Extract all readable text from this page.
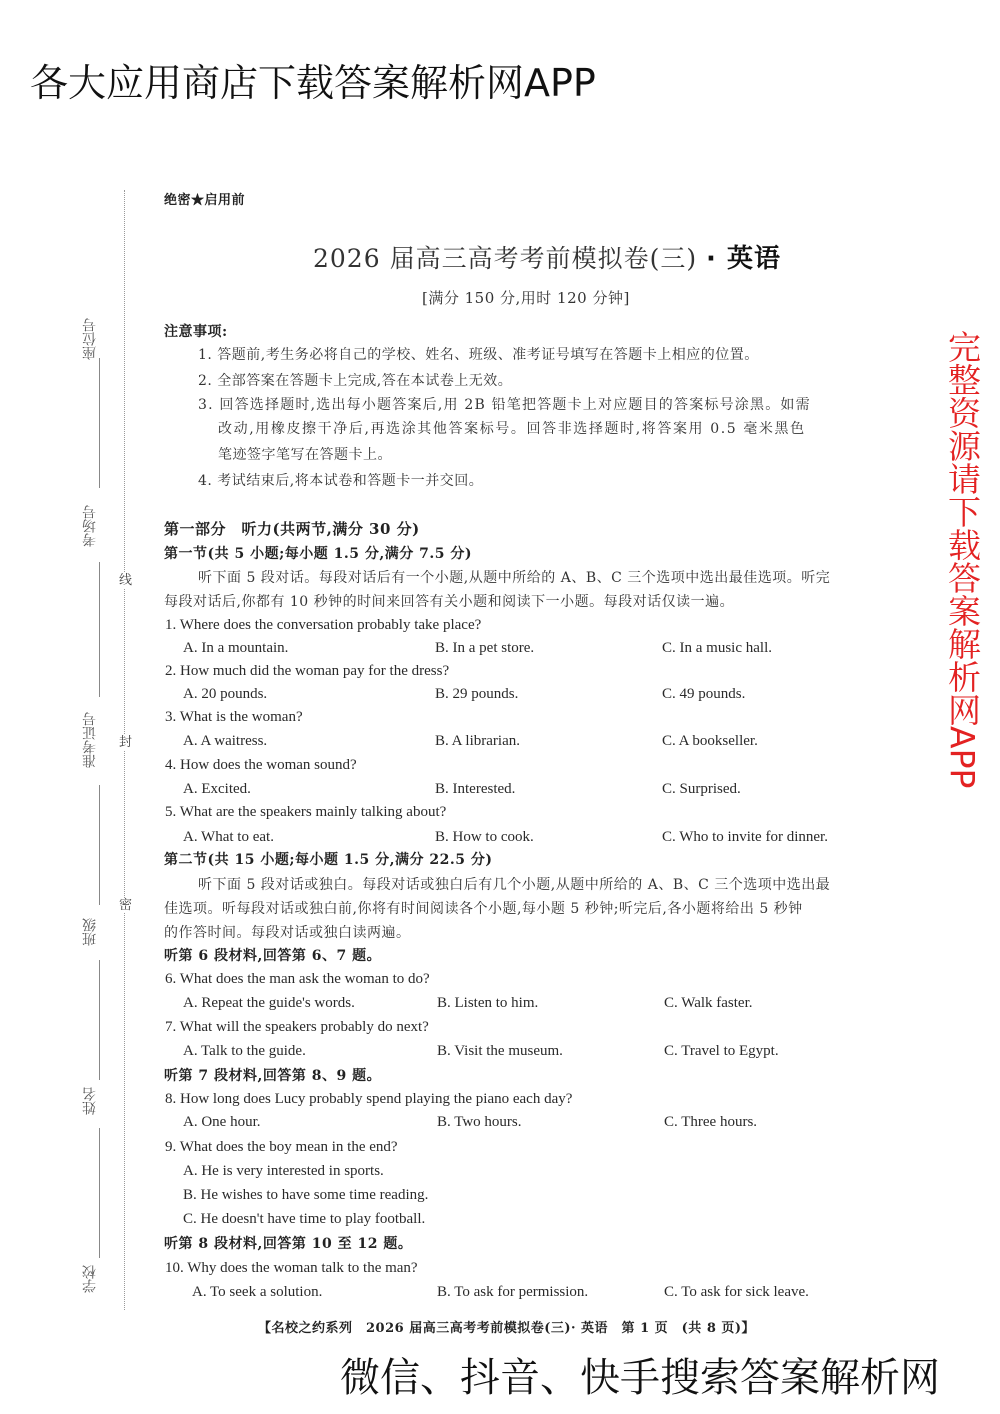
座位号
考场号
准考证号
班级
姓名
学校
线
封
密
绝密★启用前
2026 届高三高考考前模拟卷(三) · 英语
[满分 150 分,用时 120 分钟]
注意事项:
1. 答题前,考生务必将自己的学校、姓名、班级、准考证号填写在答题卡上相应的位置。
2. 全部答案在答题卡上完成,答在本试卷上无效。
3. 回答选择题时,选出每小题答案后,用 2B 铅笔把答题卡上对应题目的答案标号涂黑。如需
改动,用橡皮擦干净后,再选涂其他答案标号。回答非选择题时,将答案用 0.5 毫米黑色
笔迹签字笔写在答题卡上。
4. 考试结束后,将本试卷和答题卡一并交回。
第一部分　听力(共两节,满分 30 分)
第一节(共 5 小题;每小题 1.5 分,满分 7.5 分)
听下面 5 段对话。每段对话后有一个小题,从题中所给的 A、B、C 三个选项中选出最佳选项。听完
每段对话后,你都有 10 秒钟的时间来回答有关小题和阅读下一小题。每段对话仅读一遍。
1. Where does the conversation probably take place?
A. In a mountain.	B. In a pet store.	C. In a music hall.
2. How much did the woman pay for the dress?
A. 20 pounds.	B. 29 pounds.	C. 49 pounds.
3. What is the woman?
A. A waitress.	B. A librarian.	C. A bookseller.
4. How does the woman sound?
A. Excited.	B. Interested.	C. Surprised.
5. What are the speakers mainly talking about?
A. What to eat.	B. How to cook.	C. Who to invite for dinner.
第二节(共 15 小题;每小题 1.5 分,满分 22.5 分)
听下面 5 段对话或独白。每段对话或独白后有几个小题,从题中所给的 A、B、C 三个选项中选出最
佳选项。听每段对话或独白前,你将有时间阅读各个小题,每小题 5 秒钟;听完后,各小题将给出 5 秒钟
的作答时间。每段对话或独白读两遍。
听第 6 段材料,回答第 6、7 题。
6. What does the man ask the woman to do?
A. Repeat the guide's words.	B. Listen to him.	C. Walk faster.
7. What will the speakers probably do next?
A. Talk to the guide.	B. Visit the museum.	C. Travel to Egypt.
听第 7 段材料,回答第 8、9 题。
8. How long does Lucy probably spend playing the piano each day?
A. One hour.	B. Two hours.	C. Three hours.
9. What does the boy mean in the end?
A. He is very interested in sports.
B. He wishes to have some time reading.
C. He doesn't have time to play football.
听第 8 段材料,回答第 10 至 12 题。
10. Why does the woman talk to the man?
A. To seek a solution.	B. To ask for permission.	C. To ask for sick leave.
【名校之约系列　2026 届高三高考考前模拟卷(三)· 英语　第 1 页　(共 8 页)】
各大应用商店下载答案解析网APP
完整资源请下载答案解析网APP
微信、抖音、快手搜索答案解析网
